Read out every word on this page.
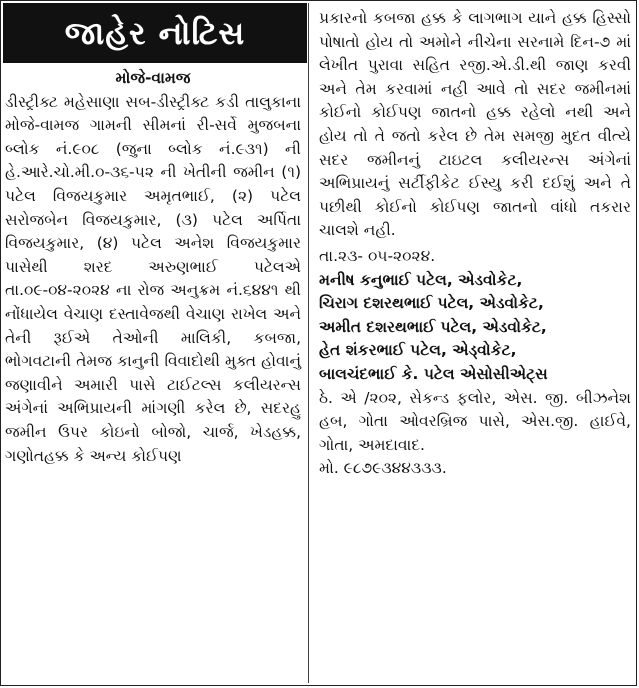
જાહેર નોટિસ
મોજે-વામજ

ડીસ્ટ્રીક્ટ મહેસાણા સબ-ડીસ્ટ્રીક્ટ કડી તાલુકાના મોજે-વામજ ગામની સીમનાં રી-સર્વે મુજબના બ્લોક નં.૯૦૮ (જુના બ્લોક નં.૯૩૧) ની હે.આરે.ચો.મી.૦-૩૬-૫૨ ની ખેતીની જમીન (૧) પટેલ વિજયકુમાર અમૃતભાઈ, (૨) પટેલ સરોજબેન વિજયકુમાર, (૩) પટેલ અર્પિતા વિજયકુમાર, (૪) પટેલ અનેશ વિજયકુમાર પાસેથી શરદ અરુણભાઈ પટેલએ તા.૦૯-૦૪-૨૦૨૪ ના રોજ અનુક્રમ નં.૬૪૪૧ થી નોંધાયેલ વેચાણ દસ્તાવેજથી વેચાણ રાખેલ અને તેની રૂઈએ તેઓની માલિકી, કબજા, ભોગવટાની તેમજ કાનુની વિવાદોથી મુક્ત હોવાનું જણાવીને અમારી પાસે ટાઈટલ્સ કલીયરન્સ અંગેનાં અભિપ્રાયની માંગણી કરેલ છે, સદરહુ જમીન ઉપર કોઇનો બોજો, ચાર્જ, ખેડહક્ક, ગણોતહક્ક કે અન્ય કોઈપણ

પ્રકારનો કબજા હક્ક કે લાગભાગ યાને હક્ક હિસ્સો પોષાતો હોય તો અમોને નીચેના સરનામે દિન-૭ માં લેખીત પુરાવા સહિત રજી.એ.ડી.થી જાણ કરવી અને તેમ કરવામાં નહી આવે તો સદર જમીનમાં કોઈનો કોઈપણ જાતનો હક્ક રહેલો નથી અને હોય તો તે જતો કરેલ છે તેમ સમજી મુદત વીત્યે સદર જમીનનું ટાઇટલ કલીયરન્સ અંગેનાં અભિપ્રાયનું સર્ટીફીકેટ ઈસ્યુ કરી દઈશું અને તે પછીથી કોઈનો કોઈપણ જાતનો વાંધો તકરાર ચાલશે નહી.

તા.૨૩- ૦૫-૨૦૨૪.
મનીષ કનુભાઈ પટેલ, એડવોકેટ,
ચિરાગ દશરથભાઈ પટેલ, એડવોકેટ,
અમીત દશરથભાઈ પટેલ, એડવોકેટ,
હેત શંકરભાઈ પટેલ, એડ્વોકેટ,
બાલચંદભાઈ કે. પટેલ એસોસીએટ્સ

ઠે. એ /૨૦૨, સેકન્ડ ફલોર, એસ. જી. બીઝનેશ હબ, ગોતા ઓવરબ્રિજ પાસે, એસ.જી. હાઈવે, ગોતા, અમદાવાદ.

મો. ૯૮૭૯૩૪૪૩૩૩.
